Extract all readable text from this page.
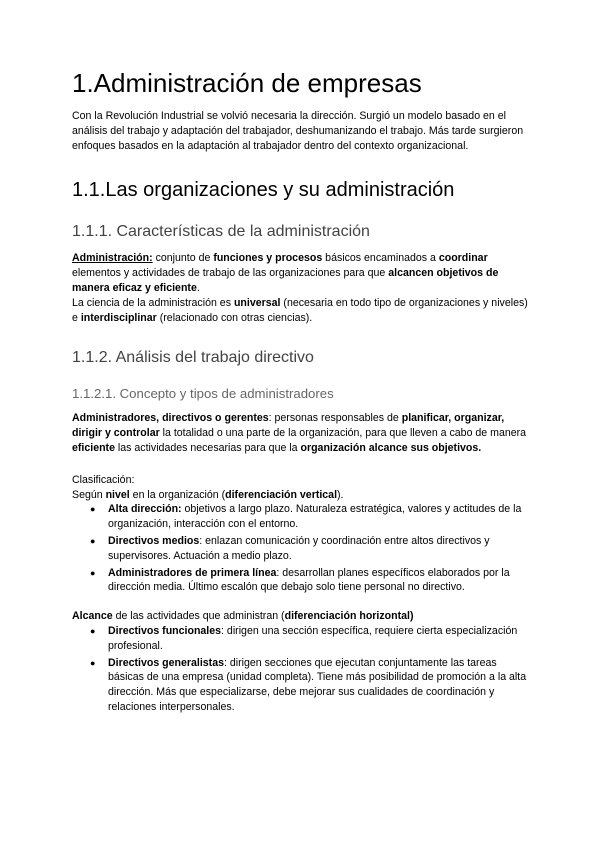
1.Administración de empresas

Con la Revolución Industrial se volvió necesaria la dirección. Surgió un modelo basado en el análisis del trabajo y adaptación del trabajador, deshumanizando el trabajo. Más tarde surgieron enfoques basados en la adaptación al trabajador dentro del contexto organizacional.

1.1.Las organizaciones y su administración
1.1.1. Características de la administración

Administración: conjunto de funciones y procesos básicos encaminados a coordinar elementos y actividades de trabajo de las organizaciones para que alcancen objetivos de manera eficaz y eficiente.
La ciencia de la administración es universal (necesaria en todo tipo de organizaciones y niveles) e interdisciplinar (relacionado con otras ciencias).

1.1.2. Análisis del trabajo directivo
1.1.2.1. Concepto y tipos de administradores

Administradores, directivos o gerentes: personas responsables de planificar, organizar, dirigir y controlar la totalidad o una parte de la organización, para que lleven a cabo de manera eficiente las actividades necesarias para que la organización alcance sus objetivos.

Clasificación:

Según nivel en la organización (diferenciación vertical).

● Alta dirección: objetivos a largo plazo. Naturaleza estratégica, valores y actitudes de la organización, interacción con el entorno.
● Directivos medios: enlazan comunicación y coordinación entre altos directivos y supervisores. Actuación a medio plazo.
● Administradores de primera línea: desarrollan planes específicos elaborados por la dirección media. Último escalón que debajo solo tiene personal no directivo.

Alcance de las actividades que administran (diferenciación horizontal)

● Directivos funcionales: dirigen una sección específica, requiere cierta especialización profesional.
● Directivos generalistas: dirigen secciones que ejecutan conjuntamente las tareas básicas de una empresa (unidad completa). Tiene más posibilidad de promoción a la alta dirección. Más que especializarse, debe mejorar sus cualidades de coordinación y relaciones interpersonales.
